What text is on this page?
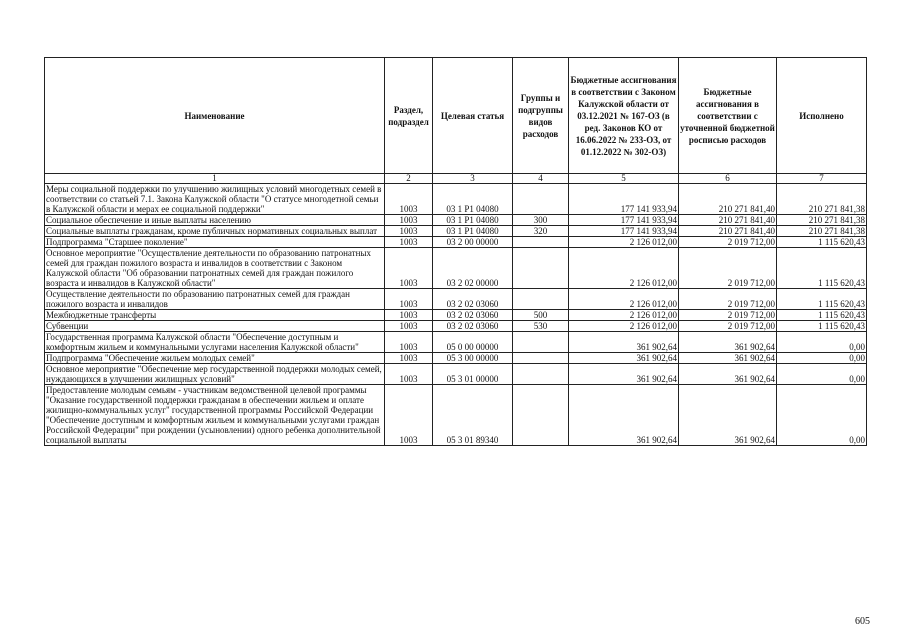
Наименование	Раздел, подраздел	Целевая статья	Группы и подгруппы видов расходов	Бюджетные ассигнования в соответствии с Законом Калужской области от 03.12.2021 № 167-ОЗ (в ред. Законов КО от 16.06.2022 № 233-ОЗ, от 01.12.2022 № 302-ОЗ)	Бюджетные ассигнования в соответствии с уточненной бюджетной росписью расходов	Исполнено
1	2	3	4	5	6	7
Меры социальной поддержки по улучшению жилищных условий многодетных семей в соответствии со статьей 7.1. Закона Калужской области "О статусе многодетной семьи в Калужской области и мерах ее социальной поддержки"	1003	03 1 P1 04080		177 141 933,94	210 271 841,40	210 271 841,38
Социальное обеспечение и иные выплаты населению	1003	03 1 P1 04080	300	177 141 933,94	210 271 841,40	210 271 841,38
Социальные выплаты гражданам, кроме публичных нормативных социальных выплат	1003	03 1 P1 04080	320	177 141 933,94	210 271 841,40	210 271 841,38
Подпрограмма "Старшее поколение"	1003	03 2 00 00000		2 126 012,00	2 019 712,00	1 115 620,43
Основное мероприятие "Осуществление деятельности по образованию патронатных семей для граждан пожилого возраста и инвалидов в соответствии с Законом Калужской области "Об образовании патронатных семей для граждан пожилого возраста и инвалидов в Калужской области"	1003	03 2 02 00000		2 126 012,00	2 019 712,00	1 115 620,43
Осуществление деятельности по образованию патронатных семей для граждан пожилого возраста и инвалидов	1003	03 2 02 03060		2 126 012,00	2 019 712,00	1 115 620,43
Межбюджетные трансферты	1003	03 2 02 03060	500	2 126 012,00	2 019 712,00	1 115 620,43
Субвенции	1003	03 2 02 03060	530	2 126 012,00	2 019 712,00	1 115 620,43
Государственная программа Калужской области "Обеспечение доступным и комфортным жильем и коммунальными услугами населения Калужской области"	1003	05 0 00 00000		361 902,64	361 902,64	0,00
Подпрограмма "Обеспечение жильем молодых семей"	1003	05 3 00 00000		361 902,64	361 902,64	0,00
Основное мероприятие "Обеспечение мер государственной поддержки молодых семей, нуждающихся в улучшении жилищных условий"	1003	05 3 01 00000		361 902,64	361 902,64	0,00
Предоставление молодым семьям - участникам ведомственной целевой программы "Оказание государственной поддержки гражданам в обеспечении жильем и оплате жилищно-коммунальных услуг" государственной программы Российской Федерации "Обеспечение доступным и комфортным жильем и коммунальными услугами граждан Российской Федерации" при рождении (усыновлении) одного ребенка дополнительной социальной выплаты	1003	05 3 01 89340		361 902,64	361 902,64	0,00
605
